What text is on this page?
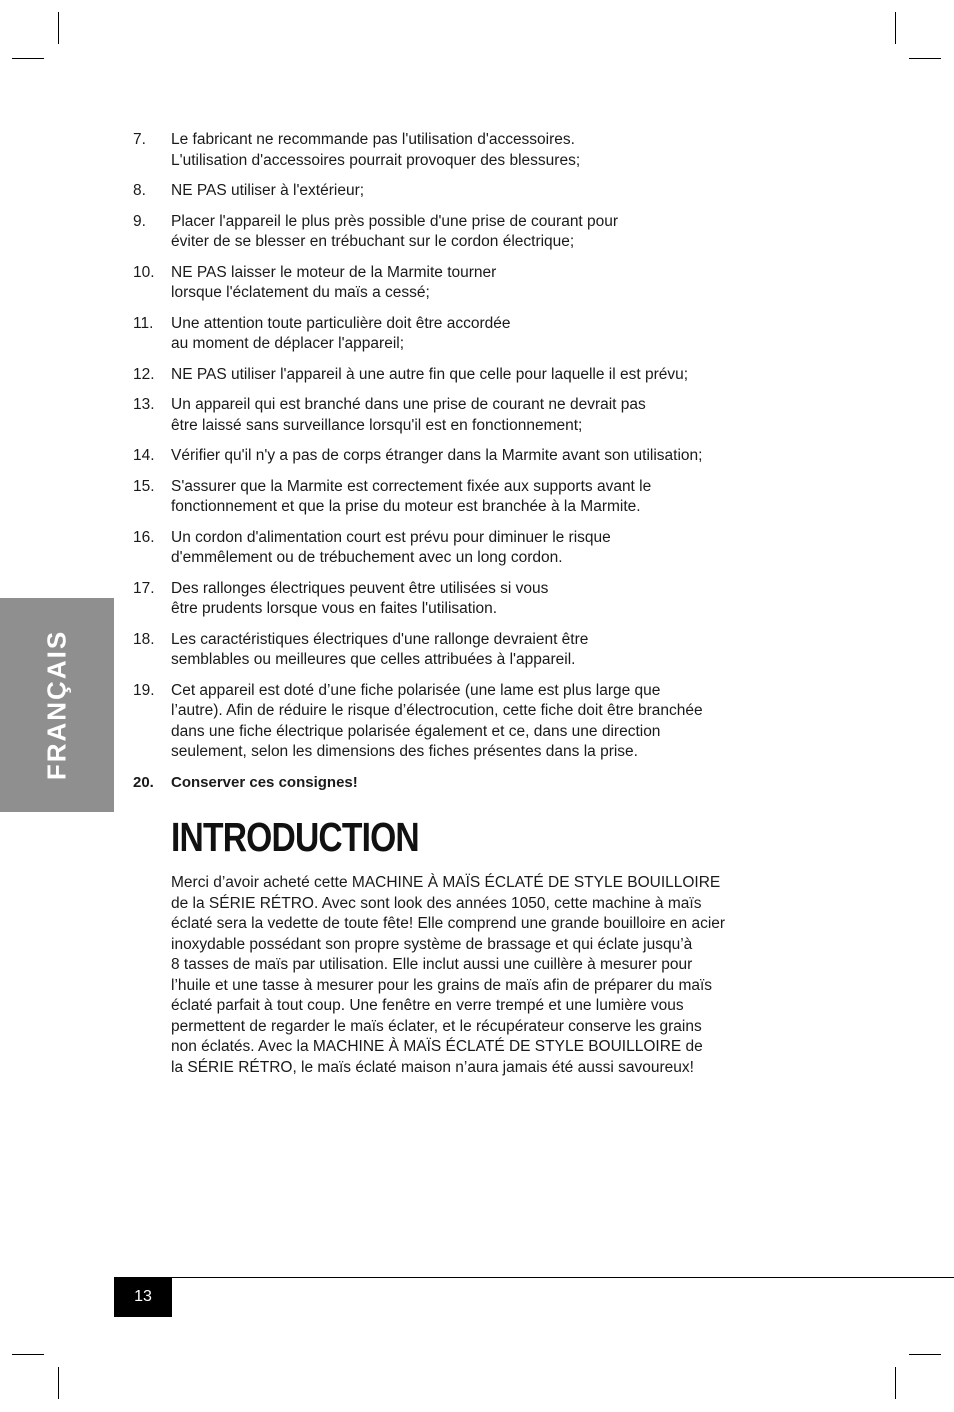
FRANÇAIS
7.	Le fabricant ne recommande pas l'utilisation d'accessoires.
L'utilisation d'accessoires pourrait provoquer des blessures;
8.	NE PAS utiliser à l'extérieur;
9.	Placer l'appareil le plus près possible d'une prise de courant pour
éviter de se blesser en trébuchant sur le cordon électrique;
10.	NE PAS laisser le moteur de la Marmite tourner
lorsque l'éclatement du maïs a cessé;
11.	Une attention toute particulière doit être accordée
au moment de déplacer l'appareil;
12.	NE PAS utiliser l'appareil à une autre fin que celle pour laquelle il est prévu;
13.	Un appareil qui est branché dans une prise de courant ne devrait pas
être laissé sans surveillance lorsqu'il est en fonctionnement;
14.	Vérifier qu'il n'y a pas de corps étranger dans la Marmite avant son utilisation;
15.	S'assurer que la Marmite est correctement fixée aux supports avant le
fonctionnement et que la prise du moteur est branchée à la Marmite.
16.	Un cordon d'alimentation court est prévu pour diminuer le risque
d'emmêlement ou de trébuchement avec un long cordon.
17.	Des rallonges électriques peuvent être utilisées si vous
être prudents lorsque vous en faites l'utilisation.
18.	Les caractéristiques électriques d'une rallonge devraient être
semblables ou meilleures que celles attribuées à l'appareil.
19.	Cet appareil est doté d’une fiche polarisée (une lame est plus large que
l’autre). Afin de réduire le risque d’électrocution, cette fiche doit être branchée
dans une fiche électrique polarisée également et ce, dans une direction
seulement, selon les dimensions des fiches présentes dans la prise.
20.	Conserver ces consignes!
INTRODUCTION
Merci d’avoir acheté cette MACHINE À MAÏS ÉCLATÉ DE STYLE BOUILLOIRE
de la SÉRIE RÉTRO. Avec sont look des années 1050, cette machine à maïs
éclaté sera la vedette de toute fête! Elle comprend une grande bouilloire en acier
inoxydable possédant son propre système de brassage et qui éclate jusqu’à
8 tasses de maïs par utilisation. Elle inclut aussi une cuillère à mesurer pour
l’huile et une tasse à mesurer pour les grains de maïs afin de préparer du maïs
éclaté parfait à tout coup. Une fenêtre en verre trempé et une lumière vous
permettent de regarder le maïs éclater, et le récupérateur conserve les grains
non éclatés. Avec la MACHINE À MAÏS ÉCLATÉ DE STYLE BOUILLOIRE de
la SÉRIE RÉTRO, le maïs éclaté maison n’aura jamais été aussi savoureux!
13
